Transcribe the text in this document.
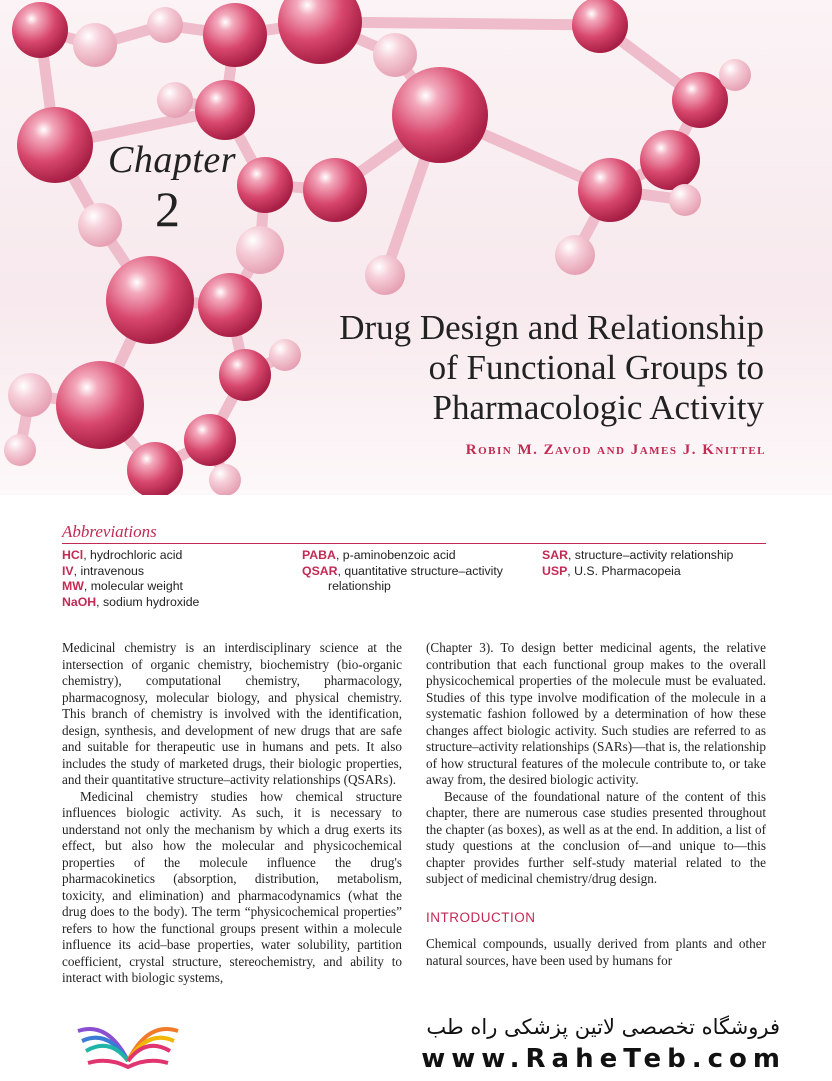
Chapter
2
Drug Design and Relationship
of Functional Groups to
Pharmacologic Activity
Robin M. Zavod and James J. Knittel
Abbreviations
HCl, hydrochloric acid
IV, intravenous
MW, molecular weight
NaOH, sodium hydroxide
PABA, p-aminobenzoic acid
QSAR, quantitative structure–activity
relationship
SAR, structure–activity relationship
USP, U.S. Pharmacopeia

Medicinal chemistry is an interdisciplinary science at the intersection of organic chemistry, biochemistry (bio-organic chemistry), computational chemistry, pharmacology, pharmacognosy, molecular biology, and physical chemistry. This branch of chemistry is involved with the identification, design, synthesis, and development of new drugs that are safe and suitable for therapeutic use in humans and pets. It also includes the study of marketed drugs, their biologic properties, and their quantitative structure–activity relationships (QSARs).

Medicinal chemistry studies how chemical structure influences biologic activity. As such, it is necessary to understand not only the mechanism by which a drug exerts its effect, but also how the molecular and physicochemical properties of the molecule influence the drug's pharmacokinetics (absorption, distribution, metabolism, toxicity, and elimination) and pharmacodynamics (what the drug does to the body). The term “physicochemical properties” refers to how the functional groups present within a molecule influence its acid–base properties, water solubility, partition coefficient, crystal structure, stereochemistry, and ability to interact with biologic systems,

(Chapter 3). To design better medicinal agents, the relative contribution that each functional group makes to the overall physicochemical properties of the molecule must be evaluated. Studies of this type involve modification of the molecule in a systematic fashion followed by a determination of how these changes affect biologic activity. Such studies are referred to as structure–activity relationships (SARs)—that is, the relationship of how structural features of the molecule contribute to, or take away from, the desired biologic activity.

Because of the foundational nature of the content of this chapter, there are numerous case studies presented throughout the chapter (as boxes), as well as at the end. In addition, a list of study questions at the conclusion of—and unique to—this chapter provides further self-study material related to the subject of medicinal chemistry/drug design.

INTRODUCTION

Chemical compounds, usually derived from plants and other natural sources, have been used by humans for

فروشگاه تخصصی لاتین پزشکی راه طب
www.RaheTeb.com
